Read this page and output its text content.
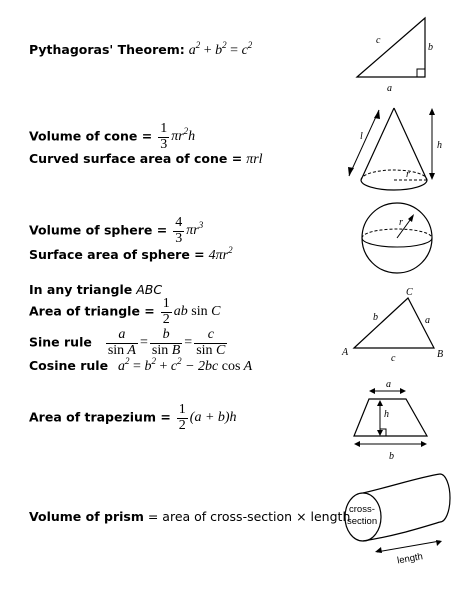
Pythagoras' Theorem: $a^2 + b^2 = c^2$
Volume of cone = $\frac{1}{3} \pi r^2h$
Curved surface area of cone = πrl
Volume of sphere = $\frac{4}{3} \pi r^3$
Surface area of sphere = $4\pi r^2$
In any triangle ABC
Area of triangle = $\frac{1}{2}$ ab sin C
Sine rule $\frac{a}{\text{sin A}} = \frac{b}{\text{sin B}} = \frac{c}{\text{sin C}}$
Cosine rule $a^2 = b^2 + c^2 - 2bc$ cos A
Area of trapezium = $\frac{1}{2} (a + b)h$
Volume of prism = area of cross-section × length
c
b
a
l
h
r
r
A	B
C
a
b
c
a
h
b
cross-
section
length
